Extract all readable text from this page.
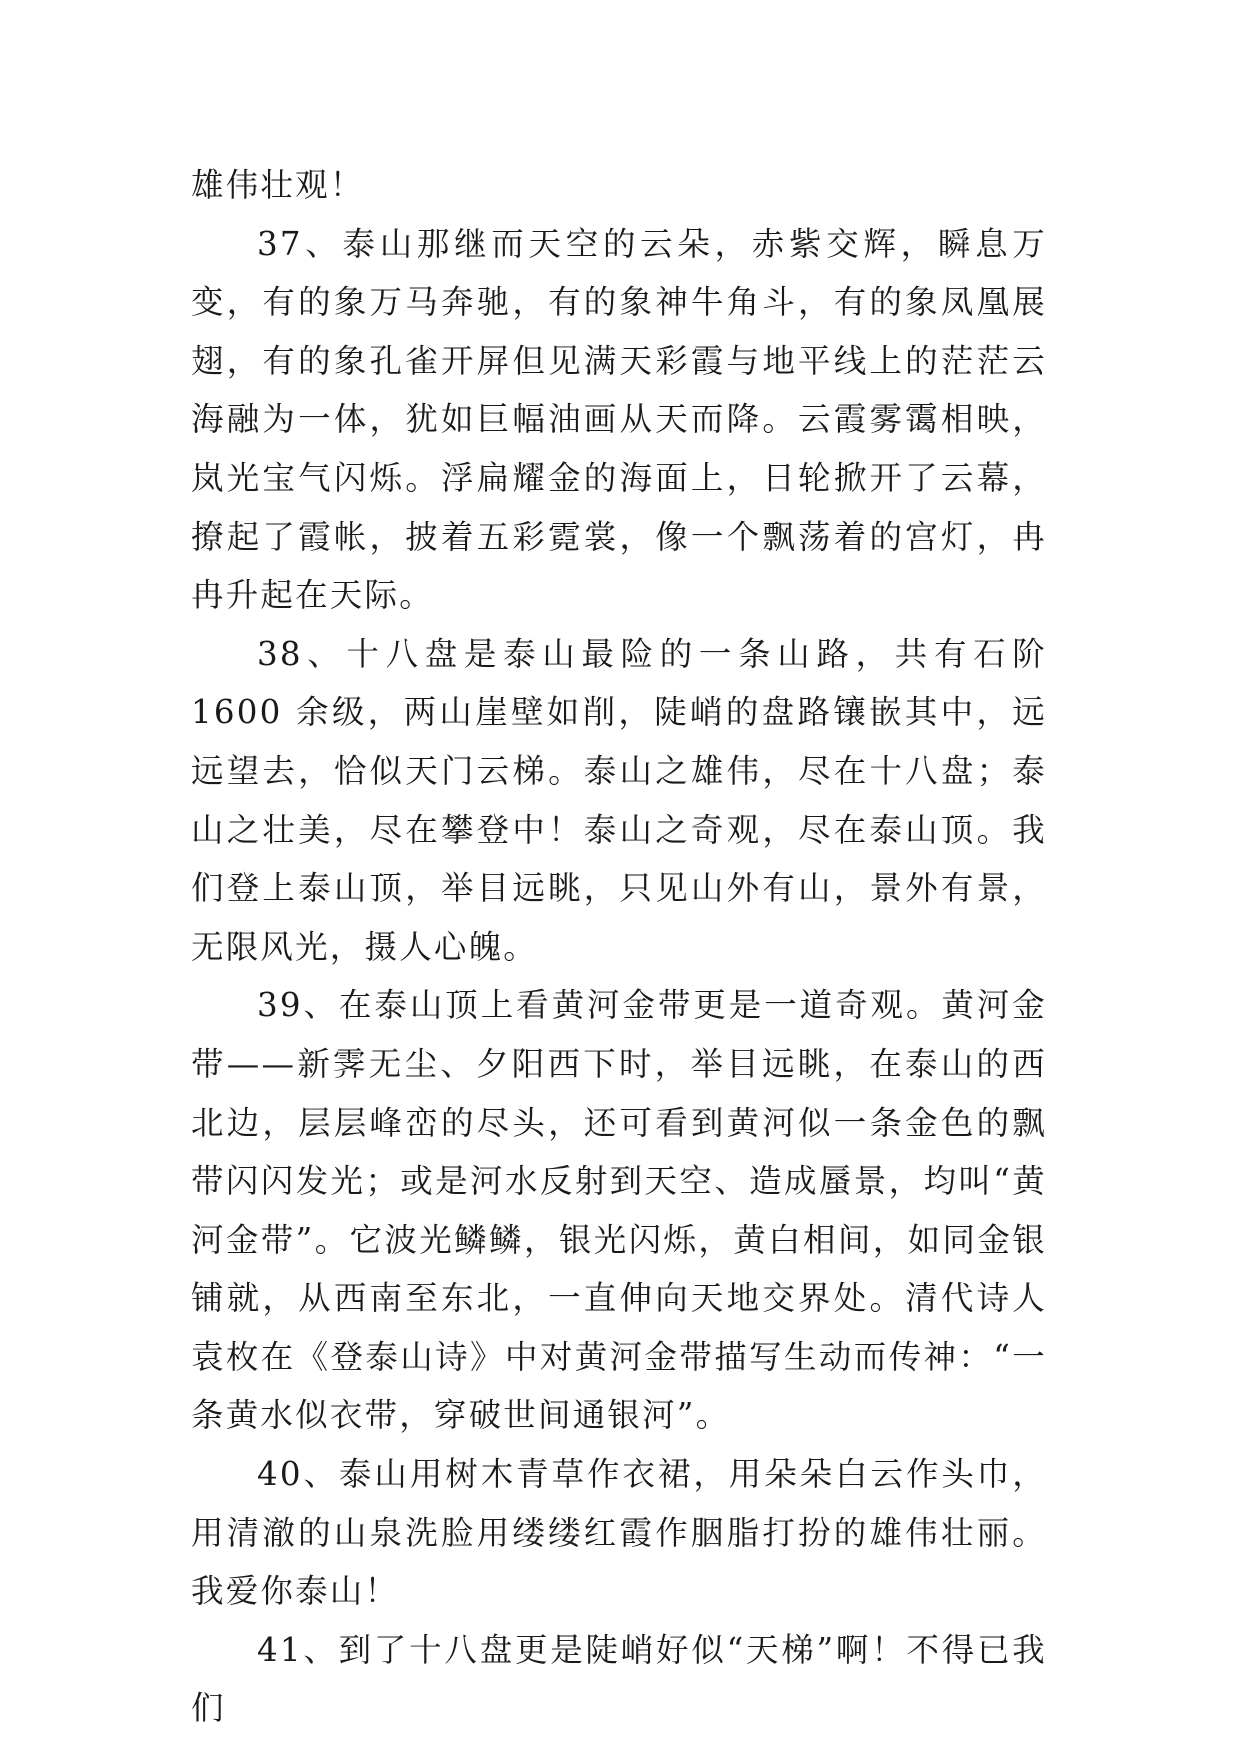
雄伟壮观！

37、泰山那继而天空的云朵，赤紫交辉，瞬息万变，有的象万马奔驰，有的象神牛角斗，有的象凤凰展翅，有的象孔雀开屏但见满天彩霞与地平线上的茫茫云海融为一体，犹如巨幅油画从天而降。云霞雾霭相映，岚光宝气闪烁。浮扁耀金的海面上，日轮掀开了云幕，撩起了霞帐，披着五彩霓裳，像一个飘荡着的宫灯，冉冉升起在天际。

38、十八盘是泰山最险的一条山路，共有石阶 1600 余级，两山崖壁如削，陡峭的盘路镶嵌其中，远远望去，恰似天门云梯。泰山之雄伟，尽在十八盘；泰山之壮美，尽在攀登中！泰山之奇观，尽在泰山顶。我们登上泰山顶，举目远眺，只见山外有山，景外有景，无限风光，摄人心魄。

39、在泰山顶上看黄河金带更是一道奇观。黄河金带——新霁无尘、夕阳西下时，举目远眺，在泰山的西北边，层层峰峦的尽头，还可看到黄河似一条金色的飘带闪闪发光；或是河水反射到天空、造成蜃景，均叫“黄河金带”。它波光鳞鳞，银光闪烁，黄白相间，如同金银铺就，从西南至东北，一直伸向天地交界处。清代诗人袁枚在《登泰山诗》中对黄河金带描写生动而传神：“一条黄水似衣带，穿破世间通银河”。

40、泰山用树木青草作衣裙，用朵朵白云作头巾，用清澈的山泉洗脸用缕缕红霞作胭脂打扮的雄伟壮丽。我爱你泰山！

41、到了十八盘更是陡峭好似“天梯”啊！不得已我们
